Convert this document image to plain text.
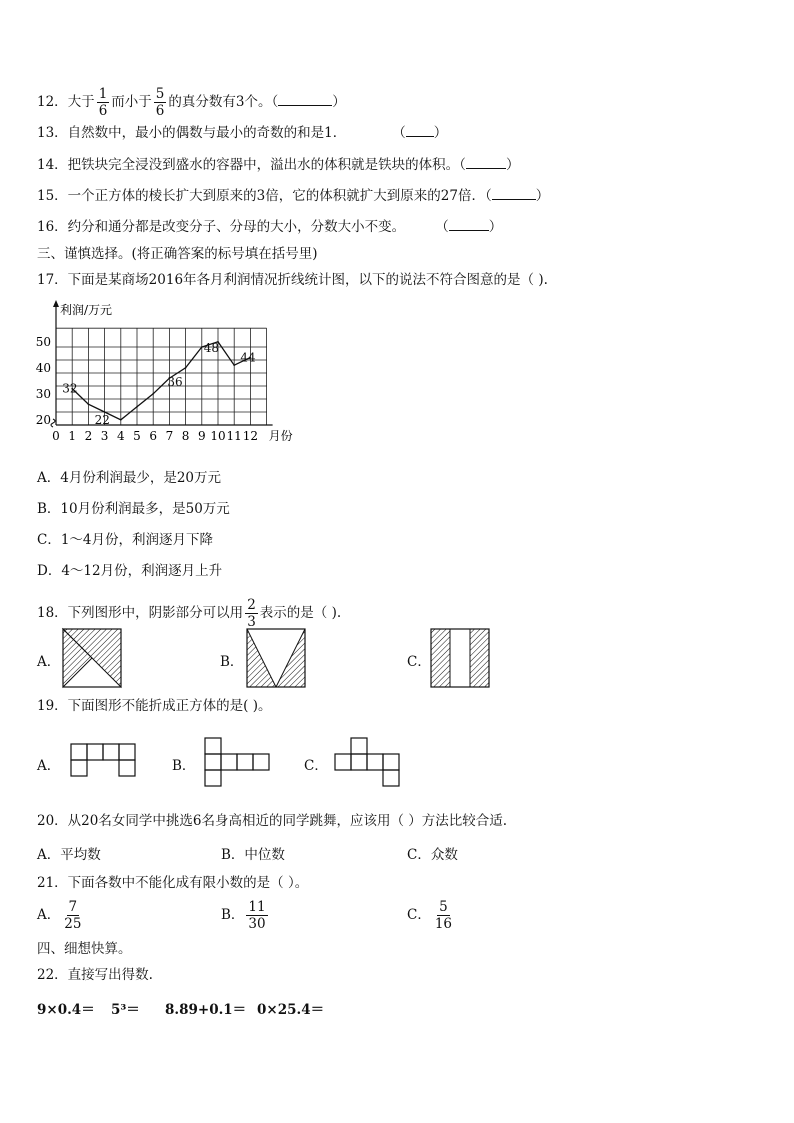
12．大于 $\frac{1}{6}$ 而小于 $\frac{5}{6}$ 的真分数有3个。（	）
13．自然数中，最小的偶数与最小的奇数的和是1．	（ ）
14．把铁块完全浸没到盛水的容器中，溢出水的体积就是铁块的体积。（	）
15．一个正方体的棱长扩大到原来的3倍，它的体积就扩大到原来的27倍．（	）
16．约分和通分都是改变分子、分母的大小，分数大小不变。 （	）
三、谨慎选择。(将正确答案的标号填在括号里)
17．下面是某商场2016年各月利润情况折线统计图，以下的说法不符合图意的是（ ).
20
30
40
50
0 1 2 3 4 5 6 7 8 9 10 11 12
利润/万元
月份
32
22
36
48
44
A．4月份利润最少，是20万元
B．10月份利润最多，是50万元
C．1～4月份，利润逐月下降
D．4～12月份，利润逐月上升
18．下列图形中，阴影部分可以用 $\frac{2}{3}$ 表示的是（ ).
A．	B．	C．
19．下面图形不能折成正方体的是( )。
A．	B．	C．
20．从20名女同学中挑选6名身高相近的同学跳舞，应该用（ ）方法比较合适.
A．平均数	B．中位数	C．众数
21．下面各数中不能化成有限小数的是（ ）。
A． $\frac{7}{25}$	B． $\frac{11}{30}$	C． $\frac{5}{16}$
四、细想快算。
22．直接写出得数.
9×0.4＝ 5³＝ 8.89+0.1＝ 0×25.4＝
